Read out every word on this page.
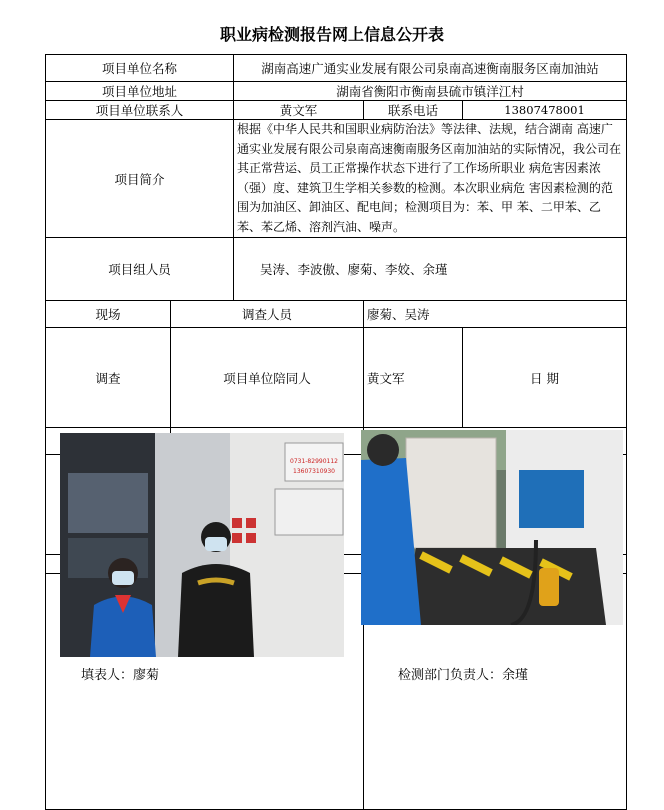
职业病检测报告网上信息公开表
项目单位名称		湖南高速广通实业发展有限公司泉南高速衡南服务区南加油站			
项目单位地址		湖南省衡阳市衡南县硫市镇洋江村			
项目单位联系人		黄文军	联系电话	13807478001	
项目简介		根据《中华人民共和国职业病防治法》等法律、法规，结合湖南 高速广通实业发展有限公司泉南高速衡南服务区南加油站的实际情况，我公司在其正常营运、员工正常操作状态下进行了工作场所职业 病危害因素浓（强）度、建筑卫生学相关参数的检测。本次职业病危 害因素检测的范围为加油区、卸油区、配电间；检测项目为：苯、甲 苯、二甲苯、乙苯、苯乙烯、溶剂汽油、噪声。			
项目组人员		吴涛、李波傲、廖菊、李姣、余瑾			
现场	调查人员		廖菊、吴涛		
调查	项目单位陪同人		黄文军	日 期	

0731-82990112
13607310930
填表人：廖菊	检测部门负责人：余瑾
